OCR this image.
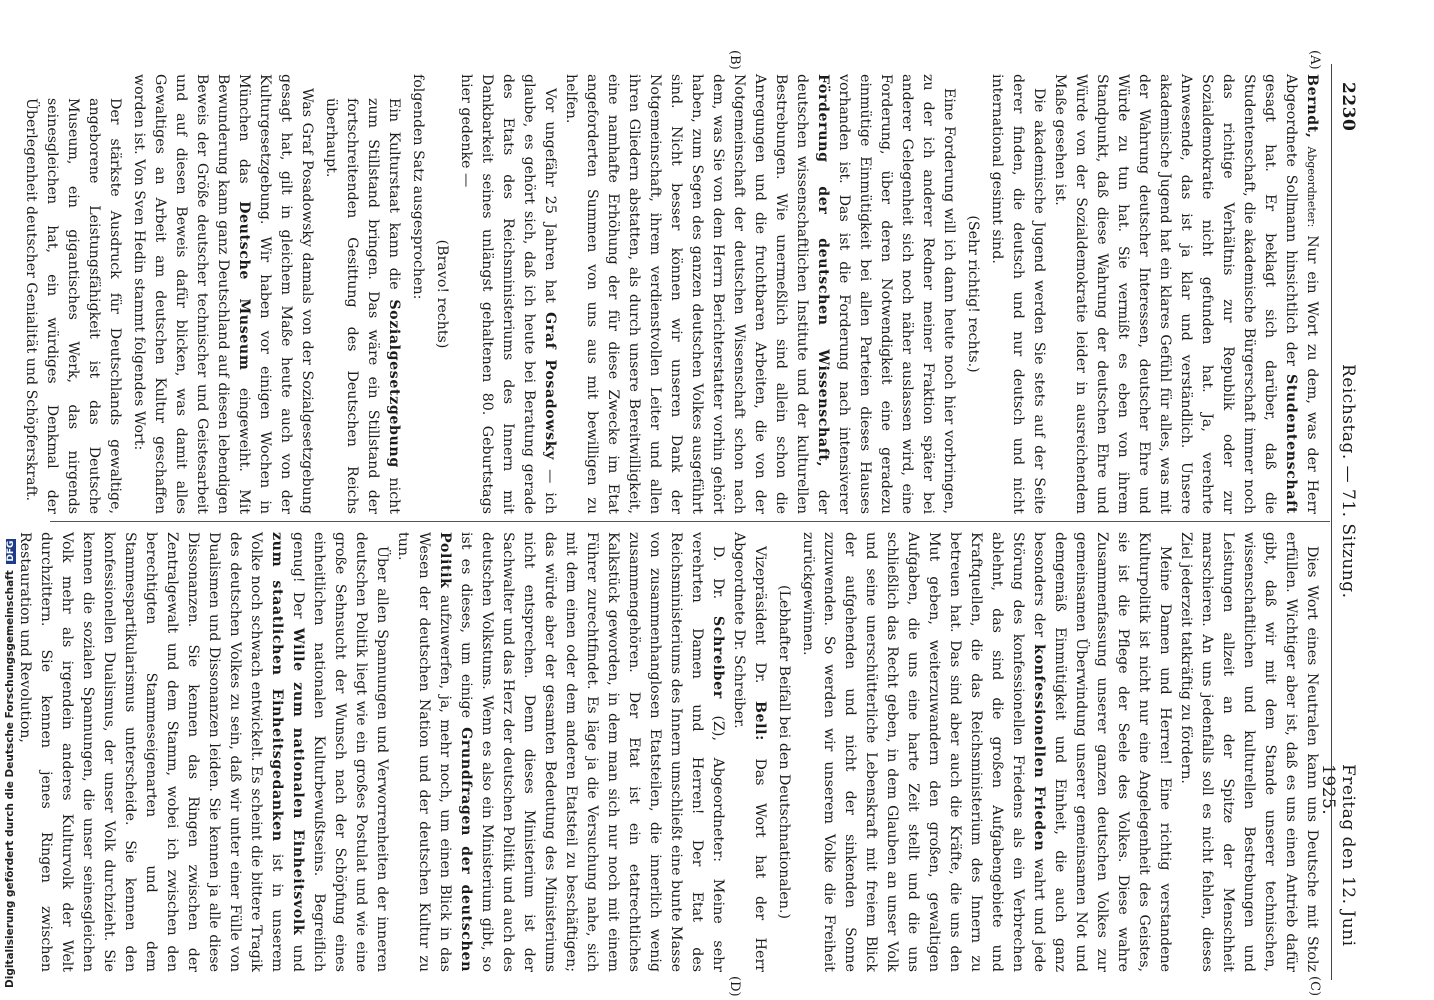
2230
Reichstag. — 71. Sitzung.
Freitag den 12. Juni 1925.
(A)
(B)
(C)
(D)

Berndt, Abgeordneter: Nur ein Wort zu dem, was der Herr Abgeordnete Sollmann hinsichtlich der Studentenschaft gesagt hat. Er beklagt sich darüber, daß die Studentenschaft, die akademische Bürgerschaft immer noch das richtige Verhältnis zur Republik oder zur Sozialdemokratie nicht gefunden hat. Ja, verehrte Anwesende, das ist ja klar und verständlich. Unsere akademische Jugend hat ein klares Gefühl für alles, was mit der Wahrung deutscher Interessen, deutscher Ehre und Würde zu tun hat. Sie vermißt es eben von ihrem Standpunkt, daß diese Wahrung der deutschen Ehre und Würde von der Sozialdemokratie leider in ausreichendem Maße gesehen ist.

Die akademische Jugend werden Sie stets auf der Seite derer finden, die deutsch und nur deutsch und nicht international gesinnt sind.

(Sehr richtig! rechts.)

Eine Forderung will ich dann heute noch hier vorbringen, zu der ich anderer Redner meiner Fraktion später bei anderer Gelegenheit sich noch näher auslassen wird, eine Forderung, über deren Notwendigkeit eine geradezu einmütige Einmütigkeit bei allen Parteien dieses Hauses vorhanden ist. Das ist die Forderung nach intensiverer Förderung der deutschen Wissenschaft, der deutschen wissenschaftlichen Institute und der kulturellen Bestrebungen. Wie unermeßlich sind allein schon die Anregungen und die fruchtbaren Arbeiten, die von der Notgemeinschaft der deutschen Wissenschaft schon nach dem, was Sie von dem Herrn Berichterstatter vorhin gehört haben, zum Segen des ganzen deutschen Volkes ausgeführt sind. Nicht besser können wir unseren Dank der Notgemeinschaft, ihrem verdienstvollen Leiter und allen ihren Gliedern abstatten, als durch unsere Bereitwilligkeit, eine namhafte Erhöhung der für diese Zwecke im Etat angeforderten Summen von uns aus mit bewilligen zu helfen.

Vor ungefähr 25 Jahren hat Graf Posadowsky — ich glaube, es gehört sich, daß ich heute bei Beratung gerade des Etats des Reichsministeriums des Innern mit Dankbarkeit seines unlängst gehaltenen 80. Geburtstags hier gedenke —

(Bravo! rechts)

folgenden Satz ausgesprochen:

Ein Kulturstaat kann die Sozialgesetzgebung nicht zum Stillstand bringen. Das wäre ein Stillstand der fortschreitenden Gesittung des Deutschen Reichs überhaupt.

Was Graf Posadowsky damals von der Sozialgesetzgebung gesagt hat, gilt in gleichem Maße heute auch von der Kulturgesetzgebung. Wir haben vor einigen Wochen in München das Deutsche Museum eingeweiht. Mit Bewunderung kann ganz Deutschland auf diesen lebendigen Beweis der Größe deutscher technischer und Geistesarbeit und auf diesen Beweis dafür blicken, was damit alles Gewaltiges an Arbeit am deutschen Kultur geschaffen worden ist. Von Sven Hedin stammt folgendes Wort:

Der stärkste Ausdruck für Deutschlands gewaltige, angeborene Leistungsfähigkeit ist das Deutsche Museum, ein gigantisches Werk, das nirgends seinesgleichen hat, ein würdiges Denkmal der Überlegenheit deutscher Genialität und Schöpferskraft.

Dies Wort eines Neutralen kann uns Deutsche mit Stolz erfüllen. Wichtiger aber ist, daß es uns einen Antrieb dafür gibt, daß wir mit dem Stande unserer technischen, wissenschaftlichen und kulturellen Bestrebungen und Leistungen allzeit an der Spitze der Menschheit marschieren. An uns jedenfalls soll es nicht fehlen, dieses Ziel jederzeit tatkräftig zu fördern.

Meine Damen und Herren! Eine richtig verstandene Kulturpolitik ist nicht nur eine Angelegenheit des Geistes, sie ist die Pflege der Seele des Volkes. Diese wahre Zusammenfassung unserer ganzen deutschen Volkes zur gemeinsamen Überwindung unserer gemeinsamen Not und demgemäß Einmütigkeit und Einheit, die auch ganz besonders der konfessionellen Frieden wahrt und jede Störung des konfessionellen Friedens als ein Verbrechen ablehnt, das sind die großen Aufgabengebiete und Kraftquellen, die das Reichsministerium des Innern zu betreuen hat. Das sind aber auch die Kräfte, die uns den Mut geben, weiterzuwandern den großen, gewaltigen Aufgaben, die uns eine harte Zeit stellt und die uns schließlich das Recht geben, in dem Glauben an unser Volk und seine unerschütterliche Lebenskraft mit freiem Blick der aufgehenden und nicht der sinkenden Sonne zuzuwenden. So werden wir unserem Volke die Freiheit zurückgewinnen.

(Lebhafter Beifall bei den Deutschnationalen.)

Vizepräsident Dr. Bell: Das Wort hat der Herr Abgeordnete Dr. Schreiber.

D. Dr. Schreiber (Z), Abgeordneter: Meine sehr verehrten Damen und Herren! Der Etat des Reichsministeriums des Innern umschließt eine bunte Masse von zusammenhanglosen Etatsteilen, die innerlich wenig zusammengehören. Der Etat ist ein etatrechtliches Kalkstück geworden, in dem man sich nur noch mit einem Führer zurechtfindet. Es läge ja die Versuchung nahe, sich mit dem einen oder dem anderen Etatsteil zu beschäftigen; das würde aber der gesamten Bedeutung des Ministeriums nicht entsprechen. Denn dieses Ministerium ist der Sachwalter und das Herz der deutschen Politik und auch des deutschen Volkstums. Wenn es also ein Ministerium gibt, so ist es dieses, um einige Grundfragen der deutschen Politik aufzuwerfen, ja, mehr noch, um einen Blick in das Wesen der deutschen Nation und der deutschen Kultur zu tun.

Über allen Spannungen und Verworrenheiten der inneren deutschen Politik liegt wie ein großes Postulat und wie eine große Sehnsucht der Wunsch nach der Schöpfung eines einheitlichen nationalen Kulturbewußtseins. Begreiflich genug! Der Wille zum nationalen Einheitsvolk und zum staatlichen Einheitsgedanken ist in unserem Volke noch schwach entwickelt. Es scheint die bittere Tragik des deutschen Volkes zu sein, daß wir unter einer Fülle von Dualismen und Dissonanzen leiden. Sie kennen ja alle diese Dissonanzen. Sie kennen das Ringen zwischen der Zentralgewalt und dem Stamm, wobei ich zwischen den berechtigten Stammeseigenarten und dem Stammespartikularismus unterscheide. Sie kennen den konfessionellen Dualismus, der unser Volk durchzieht. Sie kennen die sozialen Spannungen, die unser seinesgleichen Volk mehr als irgendein anderes Kulturvolk der Welt durchzittern. Sie kennen jenes Ringen zwischen Restauration und Revolution,

Digitalisierung gefördert durch die Deutsche Forschungsgemeinschaft DFG
